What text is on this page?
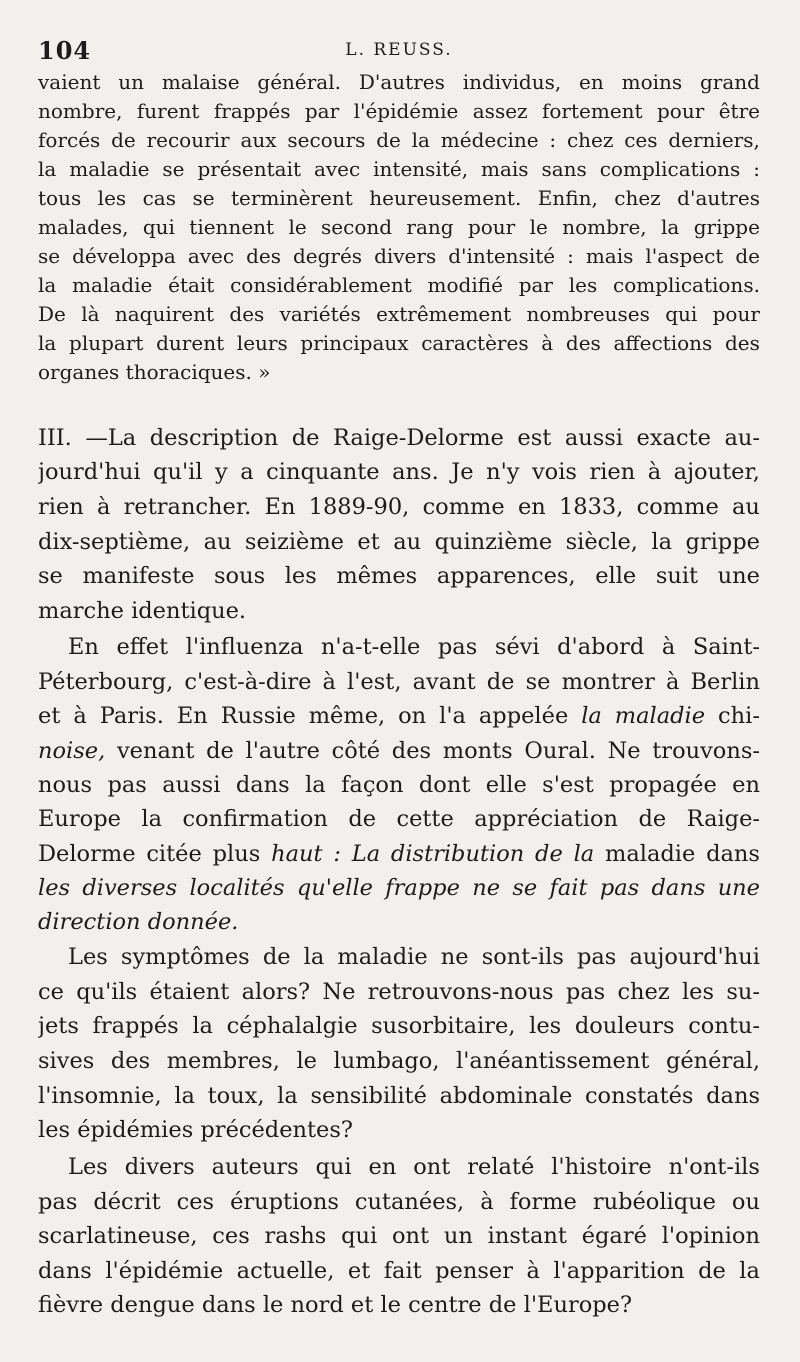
104	L. REUSS.
vaient un malaise général. D'autres individus, en moins grand
nombre, furent frappés par l'épidémie assez fortement pour être
forcés de recourir aux secours de la médecine : chez ces derniers,
la maladie se présentait avec intensité, mais sans complications :
tous les cas se terminèrent heureusement. Enfin, chez d'autres
malades, qui tiennent le second rang pour le nombre, la grippe
se développa avec des degrés divers d'intensité : mais l'aspect de
la maladie était considérablement modifié par les complications.
De là naquirent des variétés extrêmement nombreuses qui pour
la plupart durent leurs principaux caractères à des affections des
organes thoraciques. »
III. —La description de Raige-Delorme est aussi exacte au-
jourd'hui qu'il y a cinquante ans. Je n'y vois rien à ajouter,
rien à retrancher. En 1889-90, comme en 1833, comme au
dix-septième, au seizième et au quinzième siècle, la grippe
se manifeste sous les mêmes apparences, elle suit une
marche identique.
En effet l'influenza n'a-t-elle pas sévi d'abord à Saint-
Péterbourg, c'est-à-dire à l'est, avant de se montrer à Berlin
et à Paris. En Russie même, on l'a appelée la maladie chi-
noise, venant de l'autre côté des monts Oural. Ne trouvons-
nous pas aussi dans la façon dont elle s'est propagée en
Europe la confirmation de cette appréciation de Raige-
Delorme citée plus haut : La distribution de la maladie dans
les diverses localités qu'elle frappe ne se fait pas dans une
direction donnée.
Les symptômes de la maladie ne sont-ils pas aujourd'hui
ce qu'ils étaient alors? Ne retrouvons-nous pas chez les su-
jets frappés la céphalalgie susorbitaire, les douleurs contu-
sives des membres, le lumbago, l'anéantissement général,
l'insomnie, la toux, la sensibilité abdominale constatés dans
les épidémies précédentes?
Les divers auteurs qui en ont relaté l'histoire n'ont-ils
pas décrit ces éruptions cutanées, à forme rubéolique ou
scarlatineuse, ces rashs qui ont un instant égaré l'opinion
dans l'épidémie actuelle, et fait penser à l'apparition de la
fièvre dengue dans le nord et le centre de l'Europe?
